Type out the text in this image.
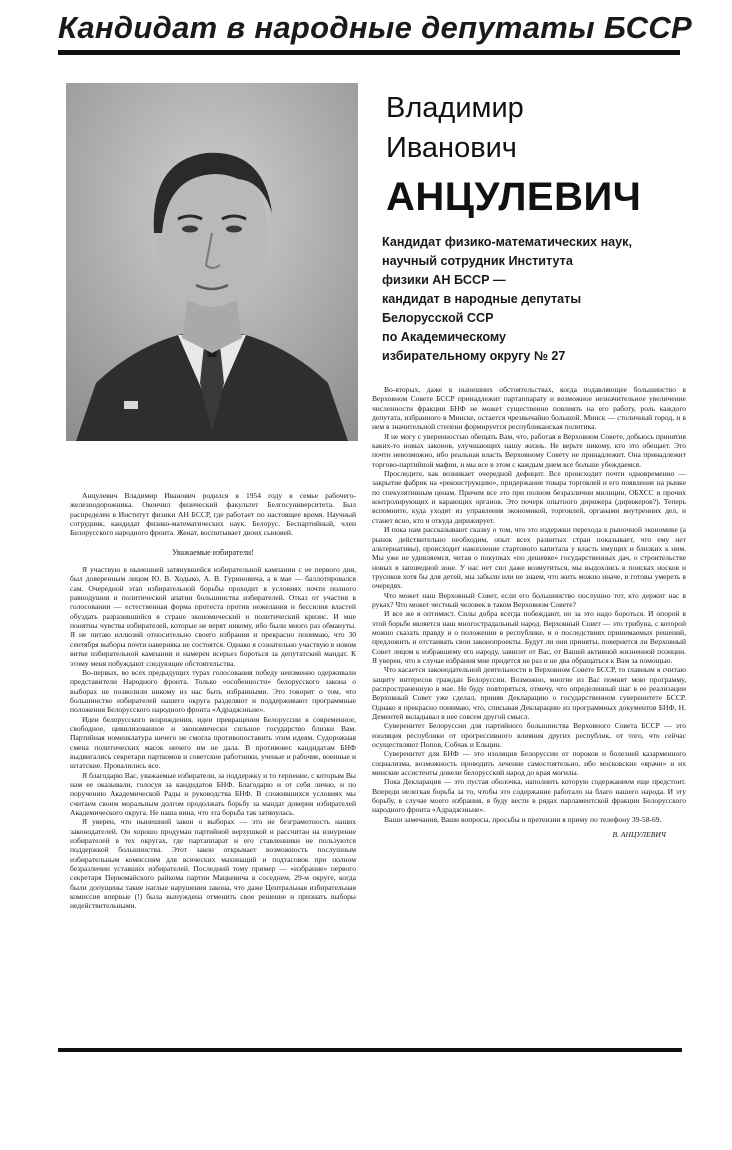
Кандидат в народные депутаты БССР
Владимир
Иванович
АНЦУЛЕВИЧ
Кандидат физико-математических наук,
научный сотрудник Института
физики АН БССР —
кандидат в народные депутаты
Белорусской ССР
по Академическому
избирательному округу № 27

Анцулевич Владимир Иванович родился в 1954 году в семье рабочего-железнодорожника. Окончил физический факультет Белгосуниверситета. Был распределен в Институт физики АН БССР, где работает по настоящее время. Научный сотрудник, кандидат физико-математических наук. Белорус. Беспартийный, член Белорусского народного фронта. Женат, воспитывает двоих сыновей.

Уважаемые избиратели!

Я участвую в нынешней затянувшейся избирательной кампании с ее первого дня, был доверенным лицом Ю. В. Ходыко, А. В. Гуриновича, а в мае — баллотировался сам. Очередной этап избирательной борьбы проходит в условиях почти полного равнодушия и политической апатии большинства избирателей. Отказ от участия в голосовании — естественная форма протеста против нежелания и бессилия властей обуздать разразившийся в стране экономический и политический кризис. И мне понятны чувства избирателей, которые не верят никому, ибо были много раз обмануты. Я не питаю иллюзий относительно своего избрания и прекрасно понимаю, что 30 сентября выборы почти наверняка не состоятся. Однако я сознательно участвую в новом витке избирательной кампании и намерен всерьез бороться за депутатский мандат. К этому меня побуждают следующие обстоятельства.

Во-первых, во всех предыдущих турах голосования победу неизменно одерживали представители Народного фронта. Только «особенности» белорусского закона о выборах не позволили никому из нас быть избранными. Это говорит о том, что большинство избирателей нашего округа разделяют и поддерживают программные положения Белорусского народного фронта «Адраджэньне».

Идеи белорусского возрождения, идеи превращения Белоруссии в современное, свободное, цивилизованное и экономически сильное государство близки Вам. Партийная номенклатура ничего не смогла противопоставить этим идеям. Судорожная смена политических масок ничего им не дала. В противовес кандидатам БНФ выдвигались секретари парткомов и советские работники, ученые и рабочие, военные и штатские. Провалились все.

Я благодарю Вас, уважаемые избиратели, за поддержку и то терпение, с которым Вы нам ее оказывали, голосуя за кандидатов БНФ. Благодарю и от себя лично, и по поручению Академической Рады и руководства БНФ. В сложившихся условиях мы считаем своим моральным долгом продолжать борьбу за мандат доверия избирателей Академического округа. Не наша вина, что эта борьба так затянулась.

Я уверен, что нынешний закон о выборах — это не безграмотность наших законодателей. Он хорошо продуман партийной верхушкой и рассчитан на изнурение избирателей в тех округах, где партаппарат и его ставленники не пользуются поддержкой большинства. Этот закон открывает возможность послушным избирательным комиссиям для всяческих махинаций и подтасовок при полном безразличии уставших избирателей. Последний тому пример — «избрание» первого секретаря Первомайского райкома партии Мацкевича в соседнем, 29-м округе, когда были допущены такие наглые нарушения закона, что даже Центральная избирательная комиссия впервые (!) была вынуждена отменить свое решение и признать выборы недействительными.

Во-вторых, даже в нынешних обстоятельствах, когда подавляющее большинство в Верховном Совете БССР принадлежит партаппарату и возможное незначительное увеличение численности фракции БНФ не может существенно повлиять на его работу, роль каждого депутата, избранного в Минске, остается чрезвычайно большой. Минск — столичный город, и в нем в значительной степени формируется республиканская политика.

Я не могу с уверенностью обещать Вам, что, работая в Верховном Совете, добьюсь принятия каких-то новых законов, улучшающих нашу жизнь. Не верьте никому, кто это обещает. Это почти невозможно, ибо реальная власть Верховному Совету не принадлежит. Она принадлежит торгово-партийной мафии, и мы все в этом с каждым днем все больше убеждаемся.

Проследите, как возникает очередной дефицит. Все происходит почти одновременно — закрытие фабрик на «реконструкцию», придержание товара торговлей и его появление на рынке по спекулятивным ценам. Причем все это при полном безразличии милиции, ОБХСС и прочих контролирующих и карающих органов. Это почерк опытного дирижера (дирижеров?). Теперь вспомните, куда уходят из управления экономикой, торговлей, органами внутренних дел, и станет ясно, кто и откуда дирижирует.

И пока нам рассказывают сказку о том, что это издержки перехода к рыночной экономике (а рынок действительно необходим, опыт всех развитых стран показывает, что ему нет альтернативы), происходит накопление стартового капитала у власть имущих и близких к ним. Мы уже не удивляемся, читая о покупках «по дешевке» государственных дач, о строительстве новых в заповедной зоне. У нас нет сил даже возмутиться, мы выдохлись в поисках носков и трусиков хотя бы для детей, мы забыли или не знаем, что жить можно иначе, и готовы умереть в очередях.

Что может наш Верховный Совет, если его большинство послушно тот, кто держит нас в руках? Что может честный человек в таком Верховном Совете?

И все же я оптимист. Силы добра всегда побеждают, но за это надо бороться. И опорой в этой борьбе является наш многострадальный народ. Верховный Совет — это трибуна, с которой можно сказать правду и о положении в республике, и о последствиях принимаемых решений, предложить и отстаивать свои законопроекты. Будут ли они приняты, повернется ли Верховный Совет лицом к избравшему его народу, зависит от Вас, от Вашей активной жизненной позиции. Я уверен, что в случае избрания мне придется не раз и не два обращаться к Вам за помощью.

Что касается законодательной деятельности в Верховном Совете БССР, то главным я считаю защиту интересов граждан Белоруссии. Возможно, многие из Вас помнят мою программу, распространенную в мае. Не буду повторяться, отмечу, что определенный шаг в ее реализации Верховный Совет уже сделал, приняв Декларацию о государственном суверенитете БССР. Однако я прекрасно понимаю, что, списывая Декларацию из программных документов БНФ, Н. Дементей вкладывал в нее совсем другой смысл.

Суверенитет Белоруссии для партийного большинства Верховного Совета БССР — это изоляция республики от прогрессивного влияния других республик, от того, что сейчас осуществляют Попов, Собчак и Ельцин.

Суверенитет для БНФ — это изоляция Белоруссии от пороков и болезней казарменного социализма, возможность проводить лечение самостоятельно, ибо московские «врачи» и их минские ассистенты довели белорусский народ до края могилы.

Пока Декларация — это пустая оболочка, наполнить которую содержанием еще предстоит. Впереди нелегкая борьба за то, чтобы это содержание работало на благо нашего народа. И эту борьбу, в случае моего избрания, я буду вести в рядах парламентской фракции Белорусского народного фронта «Адраджэньне».

Ваши замечания, Ваши вопросы, просьбы и претензии я приму по телефону 39-58-69.

В. АНЦУЛЕВИЧ
